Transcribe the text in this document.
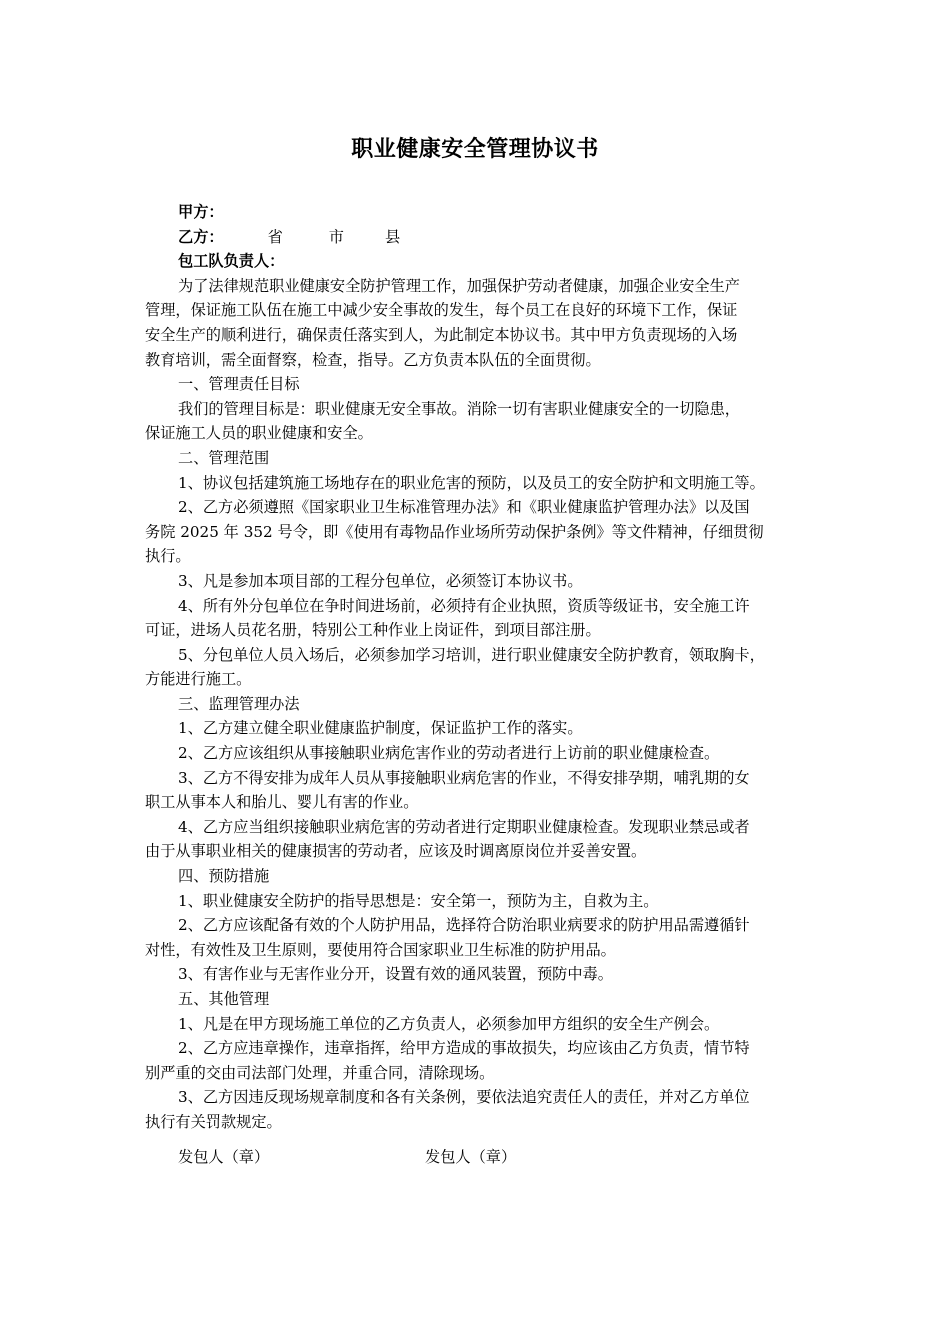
职业健康安全管理协议书
甲方：
乙方：	省	市	县
包工队负责人：
为了法律规范职业健康安全防护管理工作，加强保护劳动者健康，加强企业安全生产
管理，保证施工队伍在施工中减少安全事故的发生，每个员工在良好的环境下工作，保证
安全生产的顺利进行，确保责任落实到人，为此制定本协议书。其中甲方负责现场的入场
教育培训，需全面督察，检查，指导。乙方负责本队伍的全面贯彻。
一、管理责任目标
我们的管理目标是：职业健康无安全事故。消除一切有害职业健康安全的一切隐患，
保证施工人员的职业健康和安全。
二、管理范围
1、协议包括建筑施工场地存在的职业危害的预防，以及员工的安全防护和文明施工等。
2、乙方必须遵照《国家职业卫生标准管理办法》和《职业健康监护管理办法》以及国
务院 2025 年 352 号令，即《使用有毒物品作业场所劳动保护条例》等文件精神，仔细贯彻
执行。
3、凡是参加本项目部的工程分包单位，必须签订本协议书。
4、所有外分包单位在争时间进场前，必须持有企业执照，资质等级证书，安全施工许
可证，进场人员花名册，特别公工种作业上岗证件，到项目部注册。
5、分包单位人员入场后，必须参加学习培训，进行职业健康安全防护教育，领取胸卡，
方能进行施工。
三、监理管理办法
1、乙方建立健全职业健康监护制度，保证监护工作的落实。
2、乙方应该组织从事接触职业病危害作业的劳动者进行上访前的职业健康检查。
3、乙方不得安排为成年人员从事接触职业病危害的作业，不得安排孕期，哺乳期的女
职工从事本人和胎儿、婴儿有害的作业。
4、乙方应当组织接触职业病危害的劳动者进行定期职业健康检查。发现职业禁忌或者
由于从事职业相关的健康损害的劳动者，应该及时调离原岗位并妥善安置。
四、预防措施
1、职业健康安全防护的指导思想是：安全第一，预防为主，自救为主。
2、乙方应该配备有效的个人防护用品，选择符合防治职业病要求的防护用品需遵循针
对性，有效性及卫生原则，要使用符合国家职业卫生标准的防护用品。
3、有害作业与无害作业分开，设置有效的通风装置，预防中毒。
五、其他管理
1、凡是在甲方现场施工单位的乙方负责人，必须参加甲方组织的安全生产例会。
2、乙方应违章操作，违章指挥，给甲方造成的事故损失，均应该由乙方负责，情节特
别严重的交由司法部门处理，并重合同，清除现场。
3、乙方因违反现场规章制度和各有关条例，要依法追究责任人的责任，并对乙方单位
执行有关罚款规定。
发包人（章）	发包人（章）
